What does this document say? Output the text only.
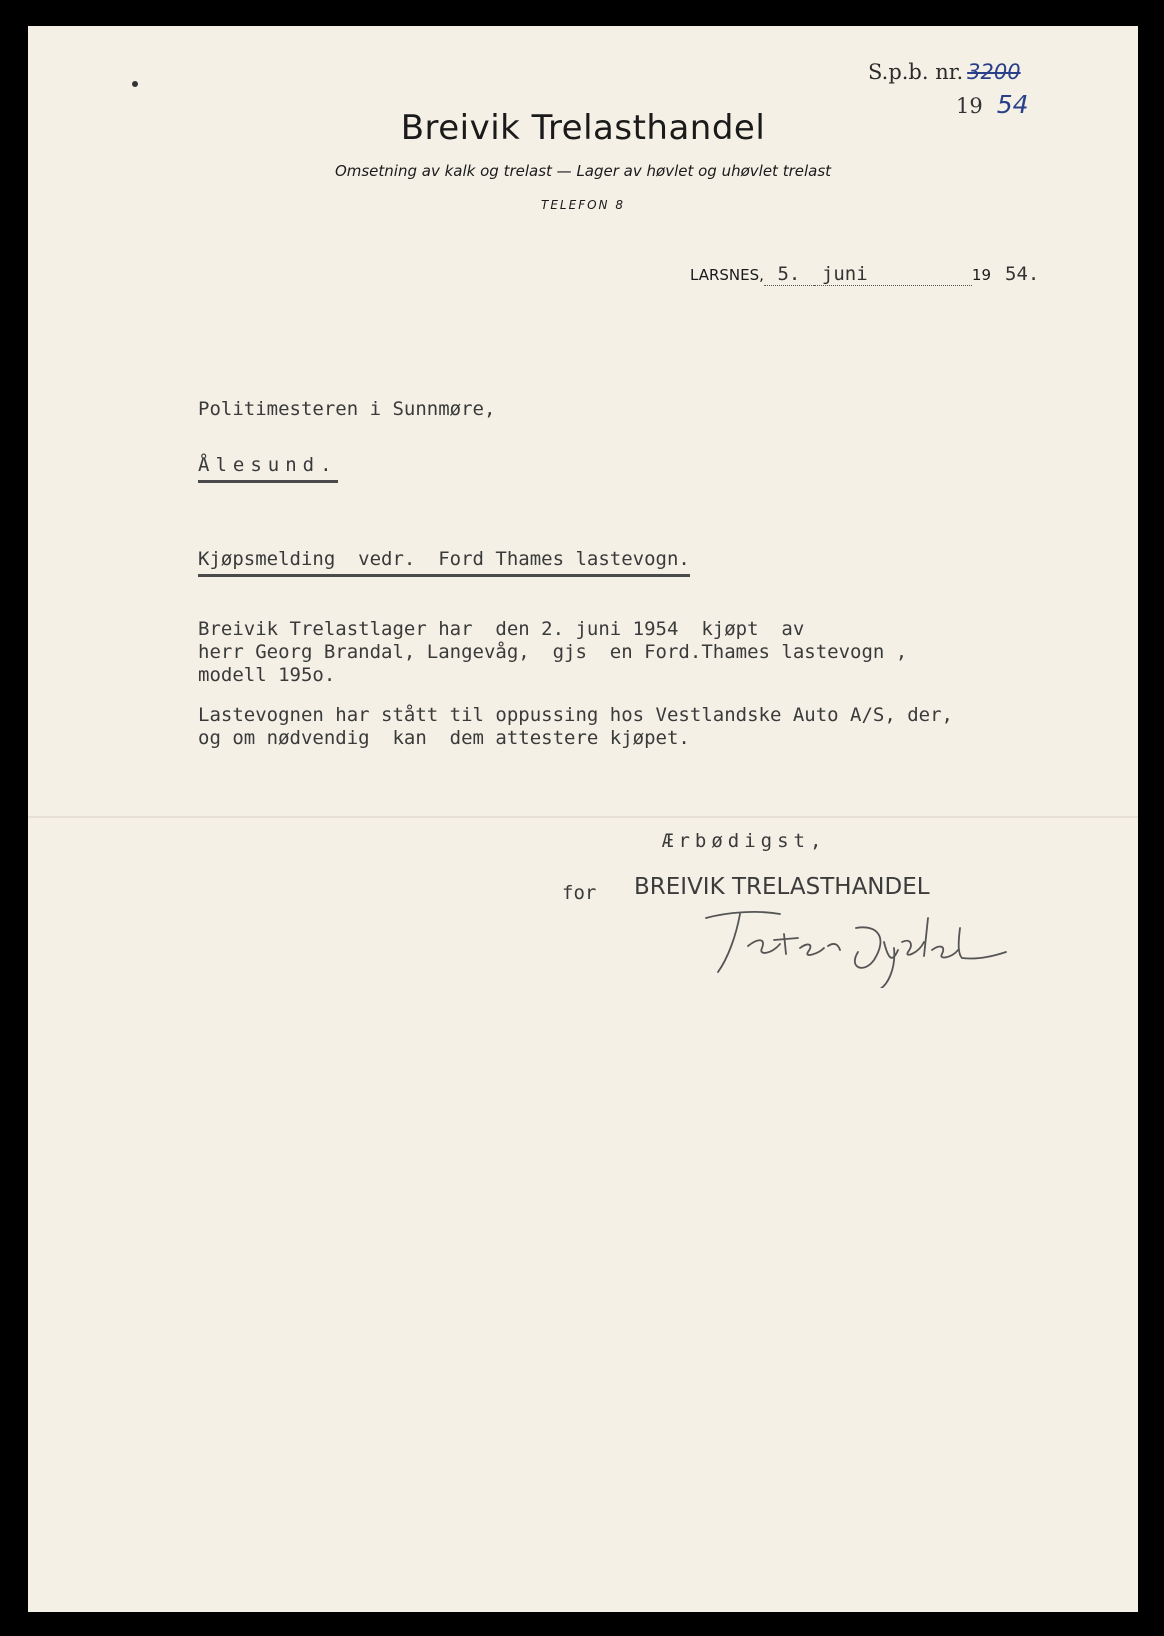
S.p.b. nr. 3200
19 54
Breivik Trelasthandel
Omsetning av kalk og trelast — Lager av høvlet og uhøvlet trelast
TELEFON 8
LARSNES, 5. juni	19 54.
Politimesteren i Sunnmøre,
Ålesund.
Kjøpsmelding  vedr.  Ford Thames lastevogn.
Breivik Trelastlager har  den 2. juni 1954  kjøpt  av
herr Georg Brandal, Langevåg,  gjs  en Ford.Thames lastevogn ,
modell 195o.
Lastevognen har stått til oppussing hos Vestlandske Auto A/S, der,
og om nødvendig  kan  dem attestere kjøpet.
Ærbødigst,
for BREIVIK TRELASTHANDEL
